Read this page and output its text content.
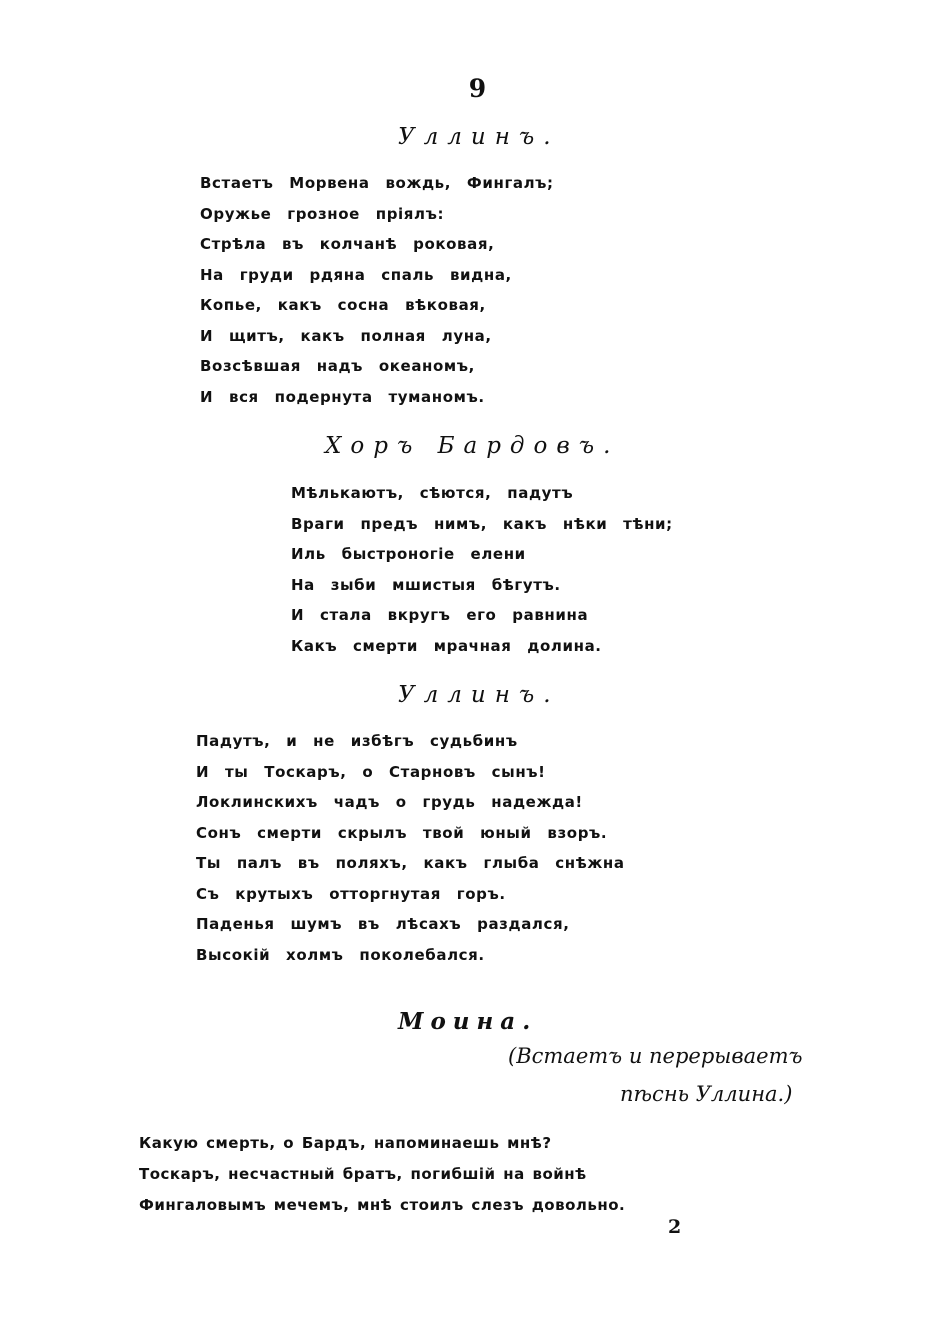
9
Уллинъ.
Встаетъ Морвена вождь, Фингалъ;
Оружье грозное пріялъ:
Стрѣла въ колчанѣ роковая,
На груди рдяна спаль видна,
Копье, какъ сосна вѣковая,
И щитъ, какъ полная луна,
Возсѣвшая надъ океаномъ,
И вся подернута туманомъ.
Хоръ Бардовъ.
Мѣлькаютъ, сѣются, падутъ
Враги предъ нимъ, какъ нѣки тѣни;
Иль быстроногіе елени
На зыби мшистыя бѣгутъ.
И стала вкругъ его равнина
Какъ смерти мрачная долина.
Уллинъ.
Падутъ, и не избѣгъ судьбинъ
И ты Тоскаръ, о Старновъ сынъ!
Локлинскихъ чадъ о грудь надежда!
Сонъ смерти скрылъ твой юный взоръ.
Ты палъ въ поляхъ, какъ глыба снѣжна
Съ крутыхъ отторгнутая горъ.
Паденья шумъ въ лѣсахъ раздался,
Высокій холмъ поколебался.
Моина.
(Встаетъ и перерываетъ
пѣснь Уллина.)
Какую смерть, о Бардъ, напоминаешь мнѣ?
Тоскаръ, несчастный братъ, погибшій на войнѣ
Фингаловымъ мечемъ, мнѣ стоилъ слезъ довольно.
2
